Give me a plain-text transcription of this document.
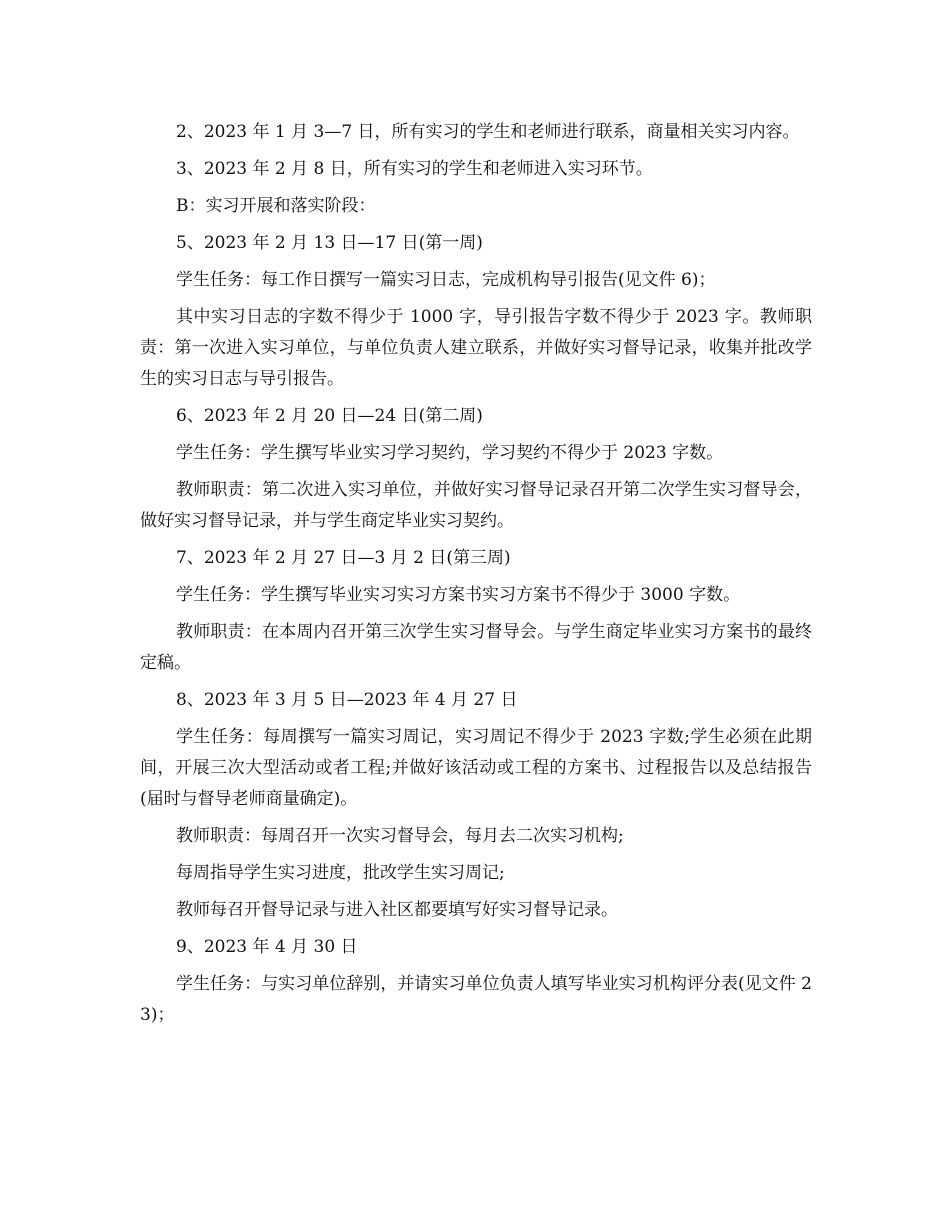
2、2023 年 1 月 3—7 日，所有实习的学生和老师进行联系，商量相关实习内容。

3、2023 年 2 月 8 日，所有实习的学生和老师进入实习环节。

B：实习开展和落实阶段：

5、2023 年 2 月 13 日—17 日(第一周)

学生任务：每工作日撰写一篇实习日志，完成机构导引报告(见文件 6)；

其中实习日志的字数不得少于 1000 字，导引报告字数不得少于 2023 字。教师职责：第一次进入实习单位，与单位负责人建立联系，并做好实习督导记录，收集并批改学生的实习日志与导引报告。

6、2023 年 2 月 20 日—24 日(第二周)

学生任务：学生撰写毕业实习学习契约，学习契约不得少于 2023 字数。

教师职责：第二次进入实习单位，并做好实习督导记录召开第二次学生实习督导会，做好实习督导记录，并与学生商定毕业实习契约。

7、2023 年 2 月 27 日—3 月 2 日(第三周)

学生任务：学生撰写毕业实习实习方案书实习方案书不得少于 3000 字数。

教师职责：在本周内召开第三次学生实习督导会。与学生商定毕业实习方案书的最终定稿。

8、2023 年 3 月 5 日—2023 年 4 月 27 日

学生任务：每周撰写一篇实习周记，实习周记不得少于 2023 字数;学生必须在此期间，开展三次大型活动或者工程;并做好该活动或工程的方案书、过程报告以及总结报告(届时与督导老师商量确定)。

教师职责：每周召开一次实习督导会，每月去二次实习机构;

每周指导学生实习进度，批改学生实习周记;

教师每召开督导记录与进入社区都要填写好实习督导记录。

9、2023 年 4 月 30 日

学生任务：与实习单位辞别，并请实习单位负责人填写毕业实习机构评分表(见文件 23)；
